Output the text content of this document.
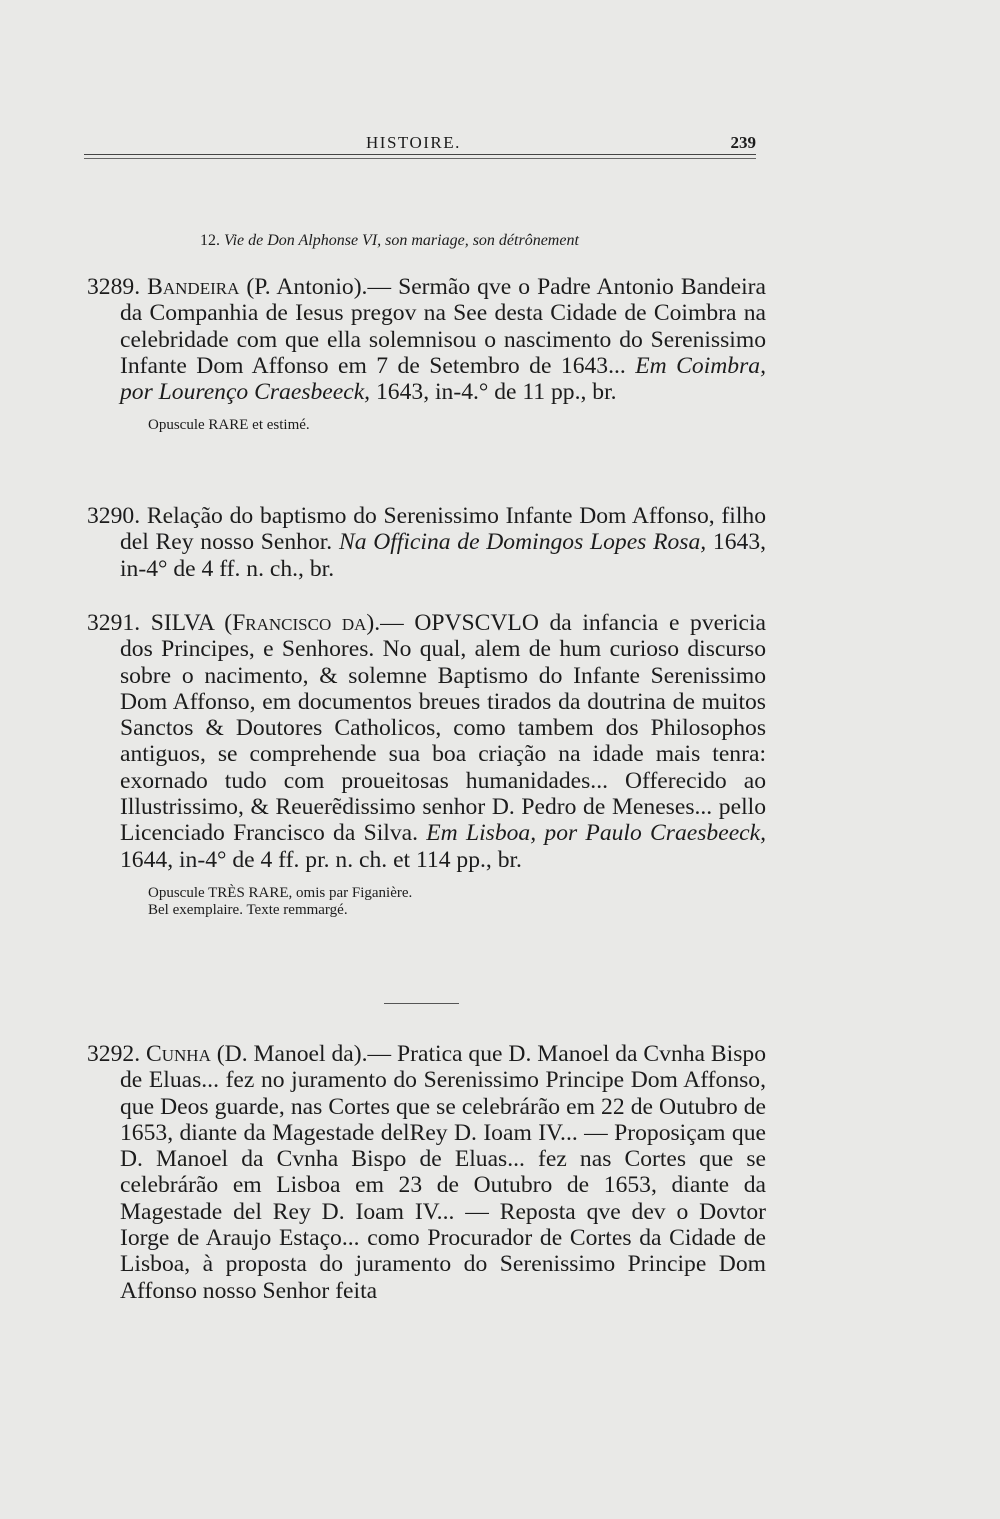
HISTOIRE.	239
12. Vie de Don Alphonse VI, son mariage, son détrônement

3289. Bandeira (P. Antonio).— Sermão qve o Padre Antonio Bandeira da Companhia de Iesus pregov na See desta Cidade de Coimbra na celebridade com que ella solemnisou o nascimento do Serenissimo Infante Dom Affonso em 7 de Setembro de 1643... Em Coimbra, por Lourenço Craesbeeck, 1643, in-4.° de 11 pp., br.

Opuscule RARE et estimé.

3290. Relação do baptismo do Serenissimo Infante Dom Affonso, filho del Rey nosso Senhor. Na Officina de Domingos Lopes Rosa, 1643, in-4° de 4 ff. n. ch., br.

3291. SILVA (Francisco da).— OPVSCVLO da infancia e pvericia dos Principes, e Senhores. No qual, alem de hum curioso discurso sobre o nacimento, & solemne Baptismo do Infante Serenissimo Dom Affonso, em documentos breues tirados da doutrina de muitos Sanctos & Doutores Catholicos, como tambem dos Philosophos antiguos, se comprehende sua boa criação na idade mais tenra: exornado tudo com proueitosas humanidades... Offerecido ao Illustrissimo, & Reuerẽdissimo senhor D. Pedro de Meneses... pello Licenciado Francisco da Silva. Em Lisboa, por Paulo Craesbeeck, 1644, in-4° de 4 ff. pr. n. ch. et 114 pp., br.

Opuscule TRÈS RARE, omis par Figanière.
Bel exemplaire. Texte remmargé.

3292. Cunha (D. Manoel da).— Pratica que D. Manoel da Cvnha Bispo de Eluas... fez no juramento do Serenissimo Principe Dom Affonso, que Deos guarde, nas Cortes que se celebrárão em 22 de Outubro de 1653, diante da Magestade delRey D. Ioam IV... — Proposiçam que D. Manoel da Cvnha Bispo de Eluas... fez nas Cortes que se celebrárão em Lisboa em 23 de Outubro de 1653, diante da Magestade del Rey D. Ioam IV... — Reposta qve dev o Dovtor Iorge de Araujo Estaço... como Procurador de Cortes da Cidade de Lisboa, à proposta do juramento do Serenissimo Principe Dom Affonso nosso Senhor feita
